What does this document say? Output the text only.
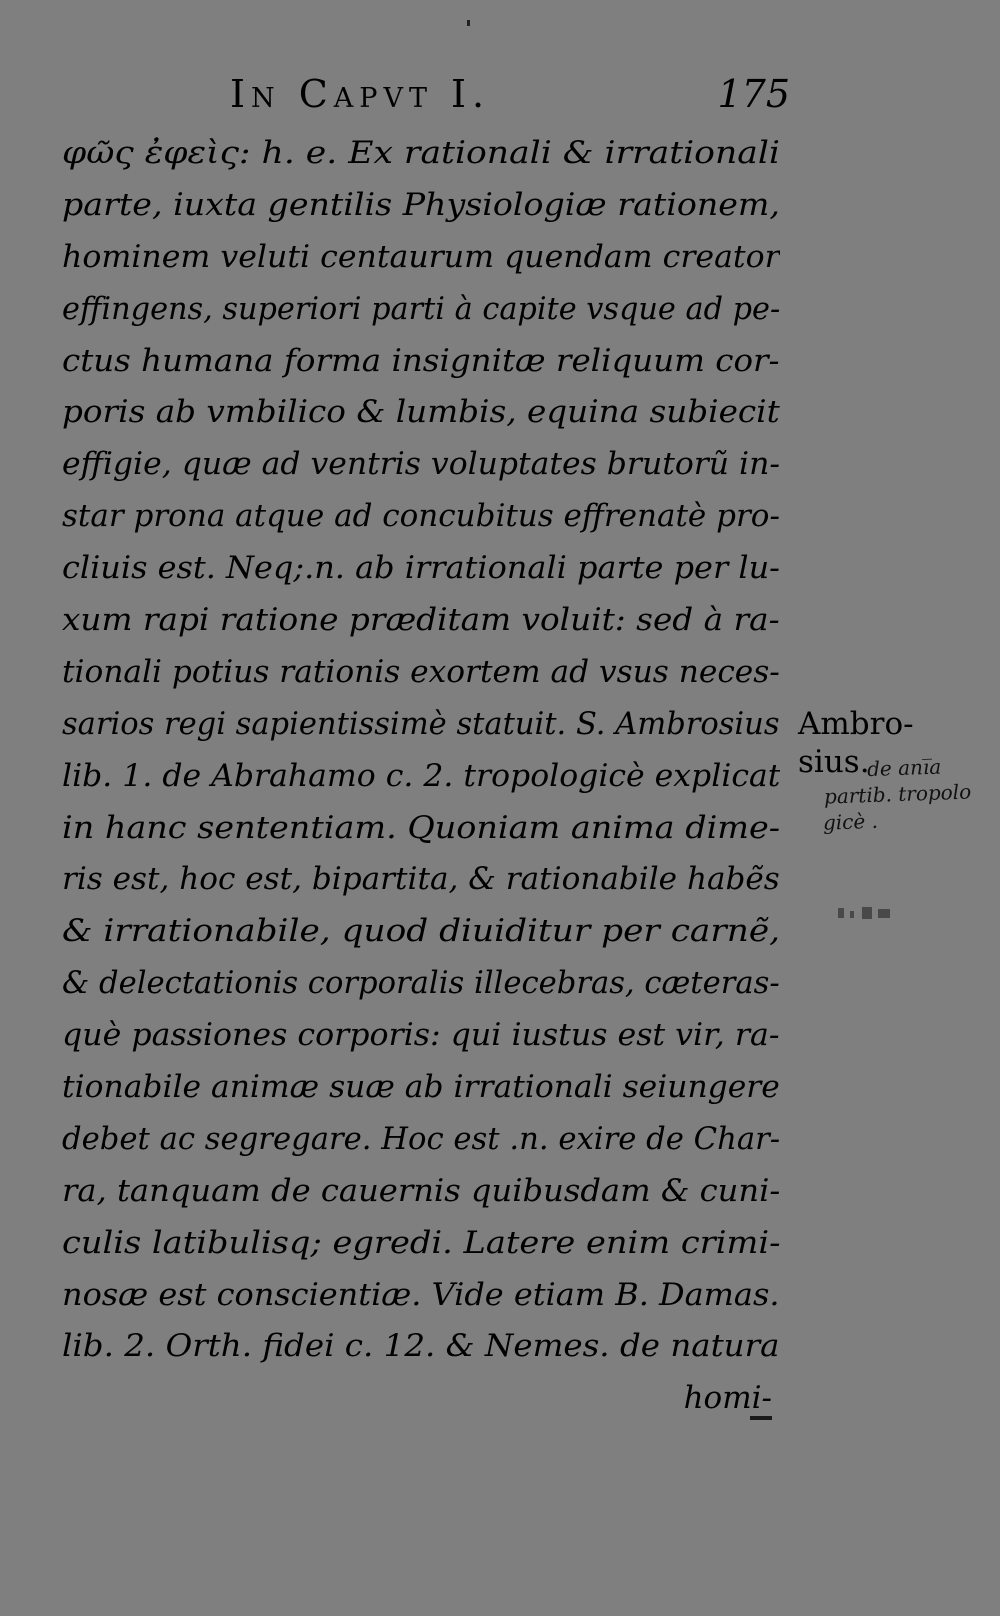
In Capvt I.	175
φῶς ἐφεὶς: h. e. Ex rationali & irrationali
parte, iuxta gentilis Physiologiæ rationem,
hominem veluti centaurum quendam creator
effingens, superiori parti à capite vsque ad pe-
ctus humana forma insignitæ reliquum cor-
poris ab vmbilico & lumbis, equina subiecit
effigie, quæ ad ventris voluptates brutorũ in-
star prona atque ad concubitus effrenatè pro-
cliuis est. Neq;.n. ab irrationali parte per lu-
xum rapi ratione præditam voluit: sed à ra-
tionali potius rationis exortem ad vsus neces-
sarios regi sapientissimè statuit. S. Ambrosius
lib. 1. de Abrahamo c. 2. tropologicè explicat
in hanc sententiam. Quoniam anima dime-
ris est, hoc est, bipartita, & rationabile habẽs
& irrationabile, quod diuiditur per carnẽ,
& delectationis corporalis illecebras, cæteras-
què passiones corporis: qui iustus est vir, ra-
tionabile animæ suæ ab irrationali seiungere
debet ac segregare. Hoc est .n. exire de Char-
ra, tanquam de cauernis quibusdam & cuni-
culis latibulisq; egredi. Latere enim crimi-
nosæ est conscientiæ. Vide etiam B. Damas.
lib. 2. Orth. fidei c. 12. & Nemes. de natura
homi-
Ambro-
sius.
de ani̅a
partib. tropolo
gicè .
